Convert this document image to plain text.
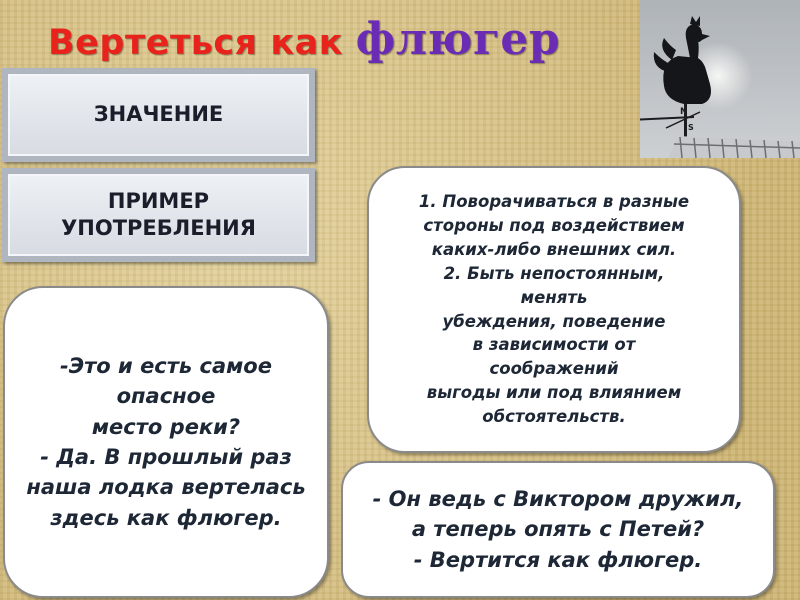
Вертеться как флюгер
N
S
ЗНАЧЕНИЕ
ПРИМЕР
УПОТРЕБЛЕНИЯ
1. Поворачиваться в разные
стороны под воздействием
каких-либо внешних сил.
2. Быть непостоянным,
менять
убеждения, поведение
в зависимости от
соображений
выгоды или под влиянием
обстоятельств.
-Это и есть самое
опасное
место реки?
- Да. В прошлый раз
наша лодка вертелась
здесь как флюгер.
- Он ведь с Виктором дружил,
а теперь опять с Петей?
- Вертится как флюгер.
